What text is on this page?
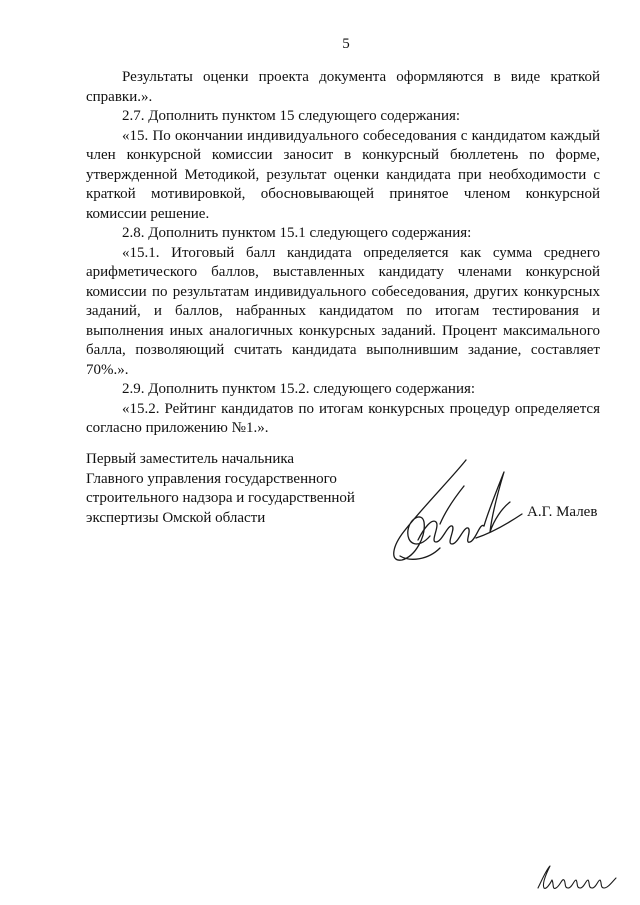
5

Результаты оценки проекта документа оформляются в виде краткой справки.».

2.7. Дополнить пунктом 15 следующего содержания:

«15. По окончании индивидуального собеседования с кандидатом каждый член конкурсной комиссии заносит в конкурсный бюллетень по форме, утвержденной Методикой, результат оценки кандидата при необходимости с краткой мотивировкой, обосновывающей принятое членом конкурсной комиссии решение.

2.8. Дополнить пунктом 15.1 следующего содержания:

«15.1. Итоговый балл кандидата определяется как сумма среднего арифметического баллов, выставленных кандидату членами конкурсной комиссии по результатам индивидуального собеседования, других конкурсных заданий, и баллов, набранных кандидатом по итогам тестирования и выполнения иных аналогичных конкурсных заданий. Процент максимального балла, позволяющий считать кандидата выполнившим задание, составляет 70%.».

2.9. Дополнить пунктом 15.2. следующего содержания:

«15.2. Рейтинг кандидатов по итогам конкурсных процедур определяется согласно приложению №1.».

Первый заместитель начальника
Главного управления государственного
строительного надзора и государственной
экспертизы Омской области	А.Г. Малев
